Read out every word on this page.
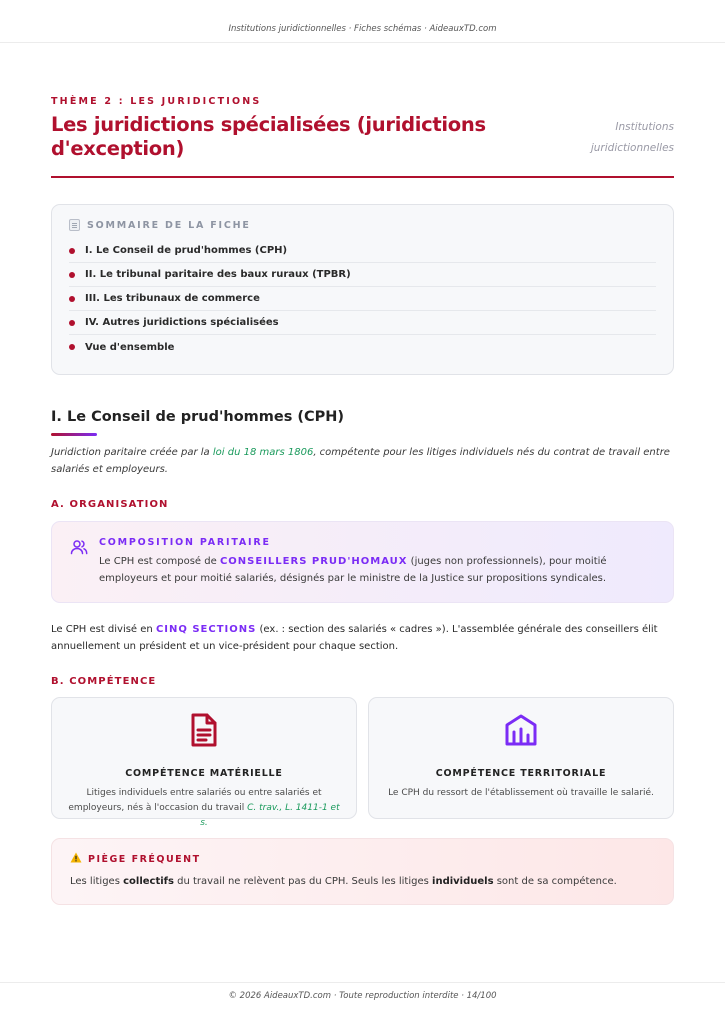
Institutions juridictionnelles · Fiches schémas · AideauxTD.com
THÈME 2 : LES JURIDICTIONS
Les juridictions spécialisées (juridictions d'exception)
Institutions juridictionnelles
SOMMAIRE DE LA FICHE
I. Le Conseil de prud'hommes (CPH)
II. Le tribunal paritaire des baux ruraux (TPBR)
III. Les tribunaux de commerce
IV. Autres juridictions spécialisées
Vue d'ensemble
I. Le Conseil de prud'hommes (CPH)

Juridiction paritaire créée par la loi du 18 mars 1806, compétente pour les litiges individuels nés du contrat de travail entre salariés et employeurs.

A. ORGANISATION
COMPOSITION PARITAIRE

Le CPH est composé de CONSEILLERS PRUD'HOMAUX (juges non professionnels), pour moitié employeurs et pour moitié salariés, désignés par le ministre de la Justice sur propositions syndicales.

Le CPH est divisé en CINQ SECTIONS (ex. : section des salariés « cadres »). L'assemblée générale des conseillers élit annuellement un président et un vice-président pour chaque section.

B. COMPÉTENCE
COMPÉTENCE MATÉRIELLE

Litiges individuels entre salariés ou entre salariés et employeurs, nés à l'occasion du travail C. trav., L. 1411-1 et s.

COMPÉTENCE TERRITORIALE

Le CPH du ressort de l'établissement où travaille le salarié.

PIÈGE FRÉQUENT

Les litiges collectifs du travail ne relèvent pas du CPH. Seuls les litiges individuels sont de sa compétence.

© 2026 AideauxTD.com · Toute reproduction interdite · 14/100
